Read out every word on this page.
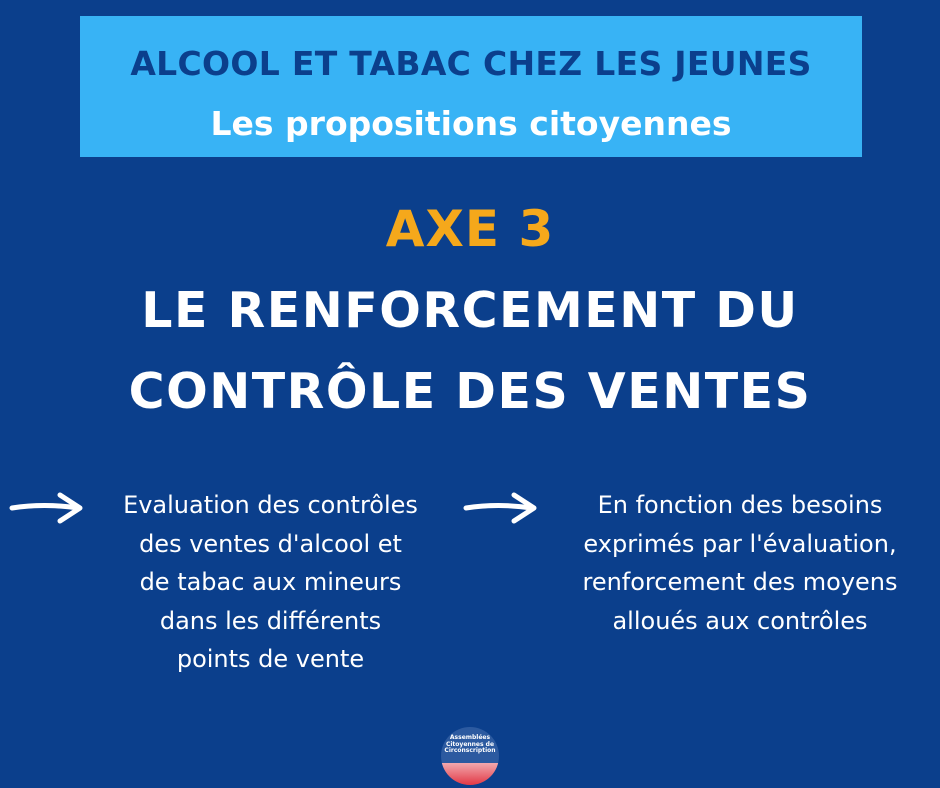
ALCOOL ET TABAC CHEZ LES JEUNES
Les propositions citoyennes
AXE 3
LE RENFORCEMENT DU
CONTRÔLE DES VENTES
Evaluation des contrôles
des ventes d'alcool et
de tabac aux mineurs
dans les différents
points de vente
En fonction des besoins
exprimés par l'évaluation,
renforcement des moyens
alloués aux contrôles
Assemblées
Citoyennes de
Circonscription
